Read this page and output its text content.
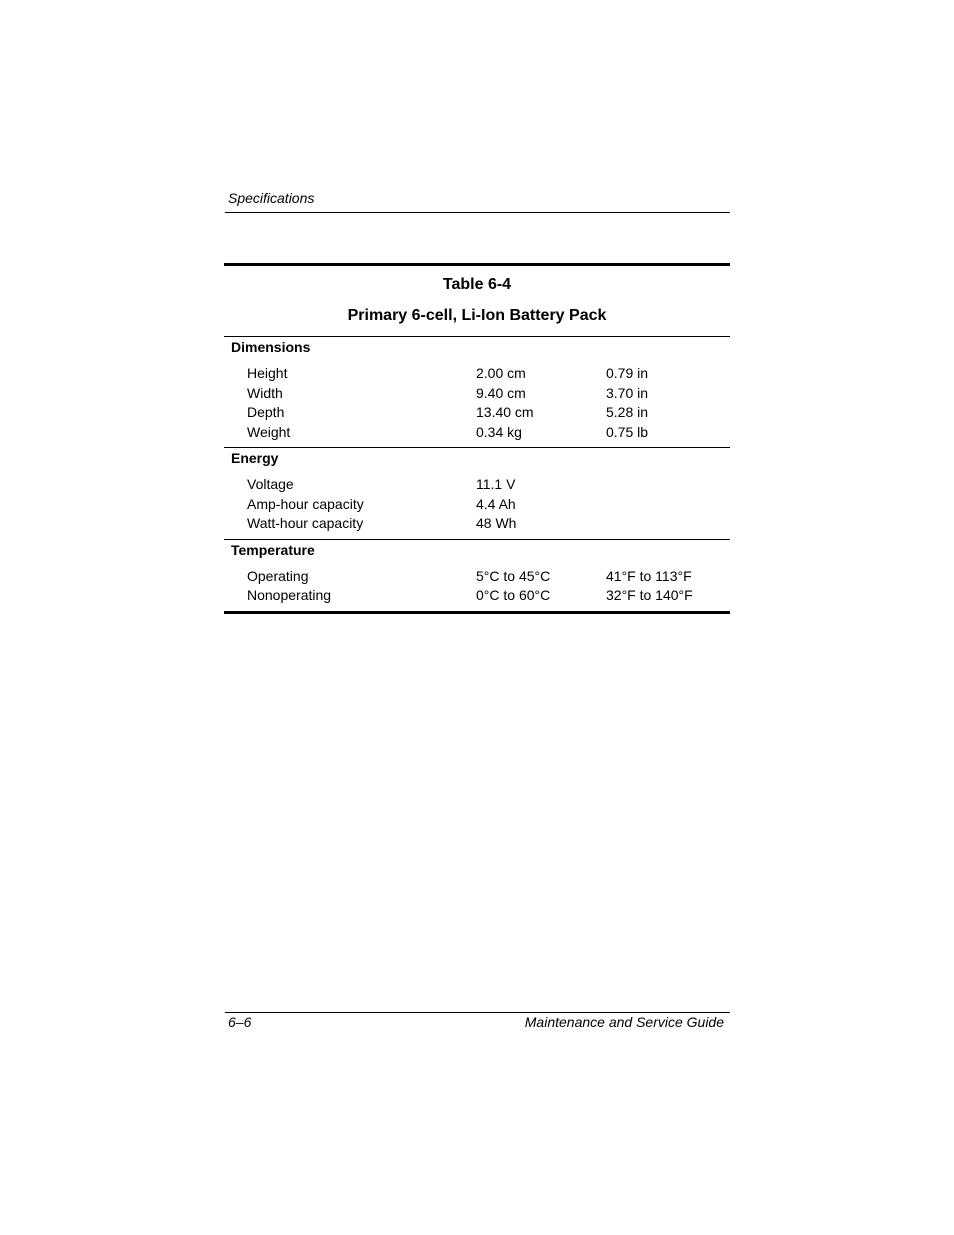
Specifications
Table 6-4
Primary 6-cell, Li-Ion Battery Pack
Dimensions
Height	2.00 cm	0.79 in
Width	9.40 cm	3.70 in
Depth	13.40 cm	5.28 in
Weight	0.34 kg	0.75 lb
Energy
Voltage	11.1 V
Amp-hour capacity	4.4 Ah
Watt-hour capacity	48 Wh
Temperature
Operating	5°C to 45°C	41°F to 113°F
Nonoperating	0°C to 60°C	32°F to 140°F
6–6	Maintenance and Service Guide
